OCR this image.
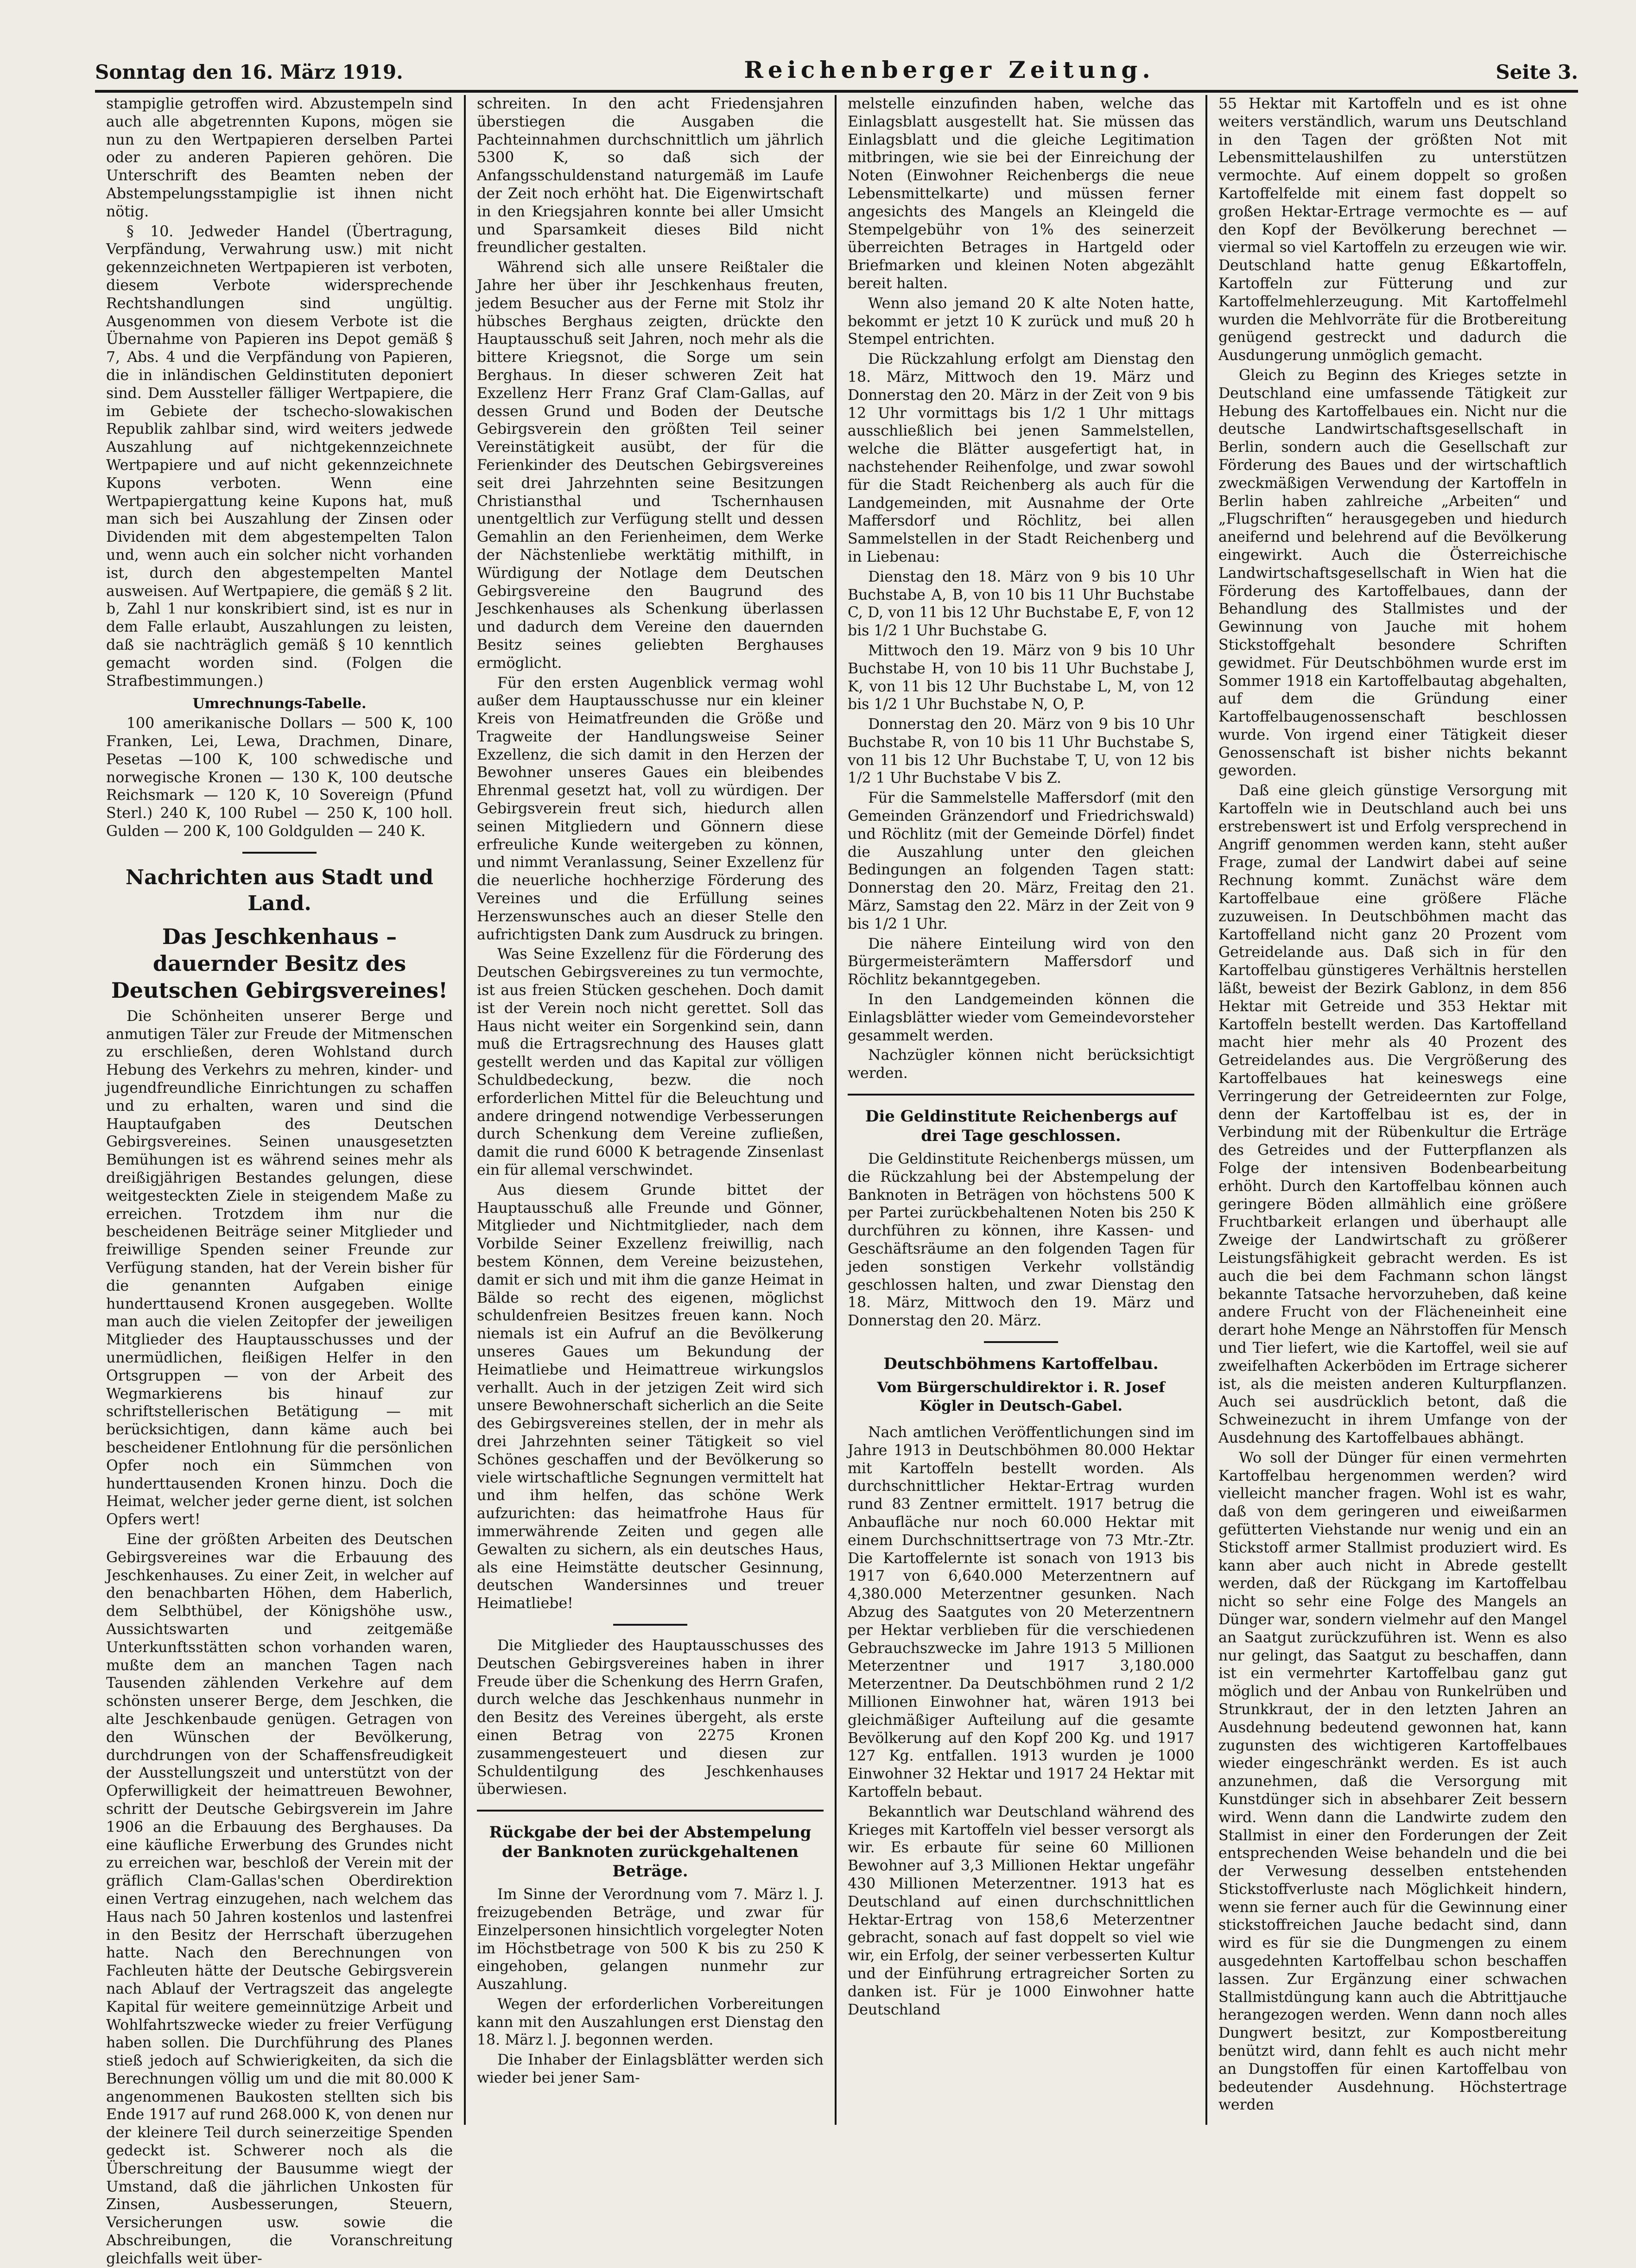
Sonntag den 16. März 1919.	Reichenberger Zeitung.	Seite 3.

stampiglie getroffen wird. Abzustempeln sind auch alle abgetrennten Kupons, mögen sie nun zu den Wertpapieren derselben Partei oder zu anderen Papieren gehören. Die Unterschrift des Beamten neben der Abstempelungsstampiglie ist ihnen nicht nötig.

§ 10. Jedweder Handel (Übertragung, Verpfändung, Verwahrung usw.) mit nicht gekennzeichneten Wertpapieren ist verboten, diesem Verbote widersprechende Rechtshandlungen sind ungültig. Ausgenommen von diesem Verbote ist die Übernahme von Papieren ins Depot gemäß § 7, Abs. 4 und die Verpfändung von Papieren, die in inländischen Geldinstituten deponiert sind. Dem Aussteller fälliger Wertpapiere, die im Gebiete der tschecho-slowakischen Republik zahlbar sind, wird weiters jedwede Auszahlung auf nichtgekennzeichnete Wertpapiere und auf nicht gekennzeichnete Kupons verboten. Wenn eine Wertpapiergattung keine Kupons hat, muß man sich bei Auszahlung der Zinsen oder Dividenden mit dem abgestempelten Talon und, wenn auch ein solcher nicht vorhanden ist, durch den abgestempelten Mantel ausweisen. Auf Wertpapiere, die gemäß § 2 lit. b, Zahl 1 nur konskribiert sind, ist es nur in dem Falle erlaubt, Auszahlungen zu leisten, daß sie nachträglich gemäß § 10 kenntlich gemacht worden sind. (Folgen die Strafbestimmungen.)

Umrechnungs-Tabelle.

100 amerikanische Dollars — 500 K, 100 Franken, Lei, Lewa, Drachmen, Dinare, Pesetas —100 K, 100 schwedische und norwegische Kronen — 130 K, 100 deutsche Reichsmark — 120 K, 10 Sovereign (Pfund Sterl.) 240 K, 100 Rubel — 250 K, 100 holl. Gulden — 200 K, 100 Goldgulden — 240 K.

Nachrichten aus Stadt und Land.
Das Jeschkenhaus – dauernder Besitz des Deutschen Gebirgsvereines!

Die Schönheiten unserer Berge und anmutigen Täler zur Freude der Mitmenschen zu erschließen, deren Wohlstand durch Hebung des Verkehrs zu mehren, kinder- und jugendfreundliche Einrichtungen zu schaffen und zu erhalten, waren und sind die Hauptaufgaben des Deutschen Gebirgsvereines. Seinen unausgesetzten Bemühungen ist es während seines mehr als dreißigjährigen Bestandes gelungen, diese weitgesteckten Ziele in steigendem Maße zu erreichen. Trotzdem ihm nur die bescheidenen Beiträge seiner Mitglieder und freiwillige Spenden seiner Freunde zur Verfügung standen, hat der Verein bisher für die genannten Aufgaben einige hunderttausend Kronen ausgegeben. Wollte man auch die vielen Zeitopfer der jeweiligen Mitglieder des Hauptausschusses und der unermüdlichen, fleißigen Helfer in den Ortsgruppen — von der Arbeit des Wegmarkierens bis hinauf zur schriftstellerischen Betätigung — mit berücksichtigen, dann käme auch bei bescheidener Entlohnung für die persönlichen Opfer noch ein Sümmchen von hunderttausenden Kronen hinzu. Doch die Heimat, welcher jeder gerne dient, ist solchen Opfers wert!

Eine der größten Arbeiten des Deutschen Gebirgsvereines war die Erbauung des Jeschkenhauses. Zu einer Zeit, in welcher auf den benachbarten Höhen, dem Haberlich, dem Selbthübel, der Königshöhe usw., Aussichtswarten und zeitgemäße Unterkunftsstätten schon vorhanden waren, mußte dem an manchen Tagen nach Tausenden zählenden Verkehre auf dem schönsten unserer Berge, dem Jeschken, die alte Jeschkenbaude genügen. Getragen von den Wünschen der Bevölkerung, durchdrungen von der Schaffensfreudigkeit der Ausstellungszeit und unterstützt von der Opferwilligkeit der heimattreuen Bewohner, schritt der Deutsche Gebirgsverein im Jahre 1906 an die Erbauung des Berghauses. Da eine käufliche Erwerbung des Grundes nicht zu erreichen war, beschloß der Verein mit der gräflich Clam-Gallas'schen Oberdirektion einen Vertrag einzugehen, nach welchem das Haus nach 50 Jahren kostenlos und lastenfrei in den Besitz der Herrschaft überzugehen hatte. Nach den Berechnungen von Fachleuten hätte der Deutsche Gebirgsverein nach Ablauf der Vertragszeit das angelegte Kapital für weitere gemeinnützige Arbeit und Wohlfahrtszwecke wieder zu freier Verfügung haben sollen. Die Durchführung des Planes stieß jedoch auf Schwierigkeiten, da sich die Berechnungen völlig um und die mit 80.000 K angenommenen Baukosten stellten sich bis Ende 1917 auf rund 268.000 K, von denen nur der kleinere Teil durch seinerzeitige Spenden gedeckt ist. Schwerer noch als die Überschreitung der Bausumme wiegt der Umstand, daß die jährlichen Unkosten für Zinsen, Ausbesserungen, Steuern, Versicherungen usw. sowie die Abschreibungen, die Voranschreitung gleichfalls weit über-

schreiten. In den acht Friedensjahren überstiegen die Ausgaben die Pachteinnahmen durchschnittlich um jährlich 5300 K, so daß sich der Anfangsschuldenstand naturgemäß im Laufe der Zeit noch erhöht hat. Die Eigenwirtschaft in den Kriegsjahren konnte bei aller Umsicht und Sparsamkeit dieses Bild nicht freundlicher gestalten.

Während sich alle unsere Reißtaler die Jahre her über ihr Jeschkenhaus freuten, jedem Besucher aus der Ferne mit Stolz ihr hübsches Berghaus zeigten, drückte den Hauptausschuß seit Jahren, noch mehr als die bittere Kriegsnot, die Sorge um sein Berghaus. In dieser schweren Zeit hat Exzellenz Herr Franz Graf Clam-Gallas, auf dessen Grund und Boden der Deutsche Gebirgsverein den größten Teil seiner Vereinstätigkeit ausübt, der für die Ferienkinder des Deutschen Gebirgsvereines seit drei Jahrzehnten seine Besitzungen Christiansthal und Tschernhausen unentgeltlich zur Verfügung stellt und dessen Gemahlin an den Ferienheimen, dem Werke der Nächstenliebe werktätig mithilft, in Würdigung der Notlage dem Deutschen Gebirgsvereine den Baugrund des Jeschkenhauses als Schenkung überlassen und dadurch dem Vereine den dauernden Besitz seines geliebten Berghauses ermöglicht.

Für den ersten Augenblick vermag wohl außer dem Hauptausschusse nur ein kleiner Kreis von Heimatfreunden die Größe und Tragweite der Handlungsweise Seiner Exzellenz, die sich damit in den Herzen der Bewohner unseres Gaues ein bleibendes Ehrenmal gesetzt hat, voll zu würdigen. Der Gebirgsverein freut sich, hiedurch allen seinen Mitgliedern und Gönnern diese erfreuliche Kunde weitergeben zu können, und nimmt Veranlassung, Seiner Exzellenz für die neuerliche hochherzige Förderung des Vereines und die Erfüllung seines Herzenswunsches auch an dieser Stelle den aufrichtigsten Dank zum Ausdruck zu bringen.

Was Seine Exzellenz für die Förderung des Deutschen Gebirgsvereines zu tun vermochte, ist aus freien Stücken geschehen. Doch damit ist der Verein noch nicht gerettet. Soll das Haus nicht weiter ein Sorgenkind sein, dann muß die Ertragsrechnung des Hauses glatt gestellt werden und das Kapital zur völligen Schuldbedeckung, bezw. die noch erforderlichen Mittel für die Beleuchtung und andere dringend notwendige Verbesserungen durch Schenkung dem Vereine zufließen, damit die rund 6000 K betragende Zinsenlast ein für allemal verschwindet.

Aus diesem Grunde bittet der Hauptausschuß alle Freunde und Gönner, Mitglieder und Nichtmitglieder, nach dem Vorbilde Seiner Exzellenz freiwillig, nach bestem Können, dem Vereine beizustehen, damit er sich und mit ihm die ganze Heimat in Bälde so recht des eigenen, möglichst schuldenfreien Besitzes freuen kann. Noch niemals ist ein Aufruf an die Bevölkerung unseres Gaues um Bekundung der Heimatliebe und Heimattreue wirkungslos verhallt. Auch in der jetzigen Zeit wird sich unsere Bewohnerschaft sicherlich an die Seite des Gebirgsvereines stellen, der in mehr als drei Jahrzehnten seiner Tätigkeit so viel Schönes geschaffen und der Bevölkerung so viele wirtschaftliche Segnungen vermittelt hat und ihm helfen, das schöne Werk aufzurichten: das heimatfrohe Haus für immerwährende Zeiten und gegen alle Gewalten zu sichern, als ein deutsches Haus, als eine Heimstätte deutscher Gesinnung, deutschen Wandersinnes und treuer Heimatliebe!

Die Mitglieder des Hauptausschusses des Deutschen Gebirgsvereines haben in ihrer Freude über die Schenkung des Herrn Grafen, durch welche das Jeschkenhaus nunmehr in den Besitz des Vereines übergeht, als erste einen Betrag von 2275 Kronen zusammengesteuert und diesen zur Schuldentilgung des Jeschkenhauses überwiesen.

Rückgabe der bei der Abstempelung der Banknoten zurückgehaltenen Beträge.

Im Sinne der Verordnung vom 7. März l. J. freizugebenden Beträge, und zwar für Einzelpersonen hinsichtlich vorgelegter Noten im Höchstbetrage von 500 K bis zu 250 K eingehoben, gelangen nunmehr zur Auszahlung.

Wegen der erforderlichen Vorbereitungen kann mit den Auszahlungen erst Dienstag den 18. März l. J. begonnen werden.

Die Inhaber der Einlagsblätter werden sich wieder bei jener Sam-

melstelle einzufinden haben, welche das Einlagsblatt ausgestellt hat. Sie müssen das Einlagsblatt und die gleiche Legitimation mitbringen, wie sie bei der Einreichung der Noten (Einwohner Reichenbergs die neue Lebensmittelkarte) und müssen ferner angesichts des Mangels an Kleingeld die Stempelgebühr von 1% des seinerzeit überreichten Betrages in Hartgeld oder Briefmarken und kleinen Noten abgezählt bereit halten.

Wenn also jemand 20 K alte Noten hatte, bekommt er jetzt 10 K zurück und muß 20 h Stempel entrichten.

Die Rückzahlung erfolgt am Dienstag den 18. März, Mittwoch den 19. März und Donnerstag den 20. März in der Zeit von 9 bis 12 Uhr vormittags bis 1/2 1 Uhr mittags ausschließlich bei jenen Sammelstellen, welche die Blätter ausgefertigt hat, in nachstehender Reihenfolge, und zwar sowohl für die Stadt Reichenberg als auch für die Landgemeinden, mit Ausnahme der Orte Maffersdorf und Röchlitz, bei allen Sammelstellen in der Stadt Reichenberg und in Liebenau:

Dienstag den 18. März von 9 bis 10 Uhr Buchstabe A, B, von 10 bis 11 Uhr Buchstabe C, D, von 11 bis 12 Uhr Buchstabe E, F, von 12 bis 1/2 1 Uhr Buchstabe G.

Mittwoch den 19. März von 9 bis 10 Uhr Buchstabe H, von 10 bis 11 Uhr Buchstabe J, K, von 11 bis 12 Uhr Buchstabe L, M, von 12 bis 1/2 1 Uhr Buchstabe N, O, P.

Donnerstag den 20. März von 9 bis 10 Uhr Buchstabe R, von 10 bis 11 Uhr Buchstabe S, von 11 bis 12 Uhr Buchstabe T, U, von 12 bis 1/2 1 Uhr Buchstabe V bis Z.

Für die Sammelstelle Maffersdorf (mit den Gemeinden Gränzendorf und Friedrichswald) und Röchlitz (mit der Gemeinde Dörfel) findet die Auszahlung unter den gleichen Bedingungen an folgenden Tagen statt: Donnerstag den 20. März, Freitag den 21. März, Samstag den 22. März in der Zeit von 9 bis 1/2 1 Uhr.

Die nähere Einteilung wird von den Bürgermeisterämtern Maffersdorf und Röchlitz bekanntgegeben.

In den Landgemeinden können die Einlagsblätter wieder vom Gemeindevorsteher gesammelt werden.

Nachzügler können nicht berücksichtigt werden.

Die Geldinstitute Reichenbergs auf drei Tage geschlossen.

Die Geldinstitute Reichenbergs müssen, um die Rückzahlung bei der Abstempelung der Banknoten in Beträgen von höchstens 500 K per Partei zurückbehaltenen Noten bis 250 K durchführen zu können, ihre Kassen- und Geschäftsräume an den folgenden Tagen für jeden sonstigen Verkehr vollständig geschlossen halten, und zwar Dienstag den 18. März, Mittwoch den 19. März und Donnerstag den 20. März.

Deutschböhmens Kartoffelbau.
Vom Bürgerschuldirektor i. R. Josef Kögler in Deutsch-Gabel.

Nach amtlichen Veröffentlichungen sind im Jahre 1913 in Deutschböhmen 80.000 Hektar mit Kartoffeln bestellt worden. Als durchschnittlicher Hektar-Ertrag wurden rund 83 Zentner ermittelt. 1917 betrug die Anbaufläche nur noch 60.000 Hektar mit einem Durchschnittsertrage von 73 Mtr.-Ztr. Die Kartoffelernte ist sonach von 1913 bis 1917 von 6,640.000 Meterzentnern auf 4,380.000 Meterzentner gesunken. Nach Abzug des Saatgutes von 20 Meterzentnern per Hektar verblieben für die verschiedenen Gebrauchszwecke im Jahre 1913 5 Millionen Meterzentner und 1917 3,180.000 Meterzentner. Da Deutschböhmen rund 2 1/2 Millionen Einwohner hat, wären 1913 bei gleichmäßiger Aufteilung auf die gesamte Bevölkerung auf den Kopf 200 Kg. und 1917 127 Kg. entfallen. 1913 wurden je 1000 Einwohner 32 Hektar und 1917 24 Hektar mit Kartoffeln bebaut.

Bekanntlich war Deutschland während des Krieges mit Kartoffeln viel besser versorgt als wir. Es erbaute für seine 60 Millionen Bewohner auf 3,3 Millionen Hektar ungefähr 430 Millionen Meterzentner. 1913 hat es Deutschland auf einen durchschnittlichen Hektar-Ertrag von 158,6 Meterzentner gebracht, sonach auf fast doppelt so viel wie wir, ein Erfolg, der seiner verbesserten Kultur und der Einführung ertragreicher Sorten zu danken ist. Für je 1000 Einwohner hatte Deutschland

55 Hektar mit Kartoffeln und es ist ohne weiters verständlich, warum uns Deutschland in den Tagen der größten Not mit Lebensmittelaushilfen zu unterstützen vermochte. Auf einem doppelt so großen Kartoffelfelde mit einem fast doppelt so großen Hektar-Ertrage vermochte es — auf den Kopf der Bevölkerung berechnet — viermal so viel Kartoffeln zu erzeugen wie wir. Deutschland hatte genug Eßkartoffeln, Kartoffeln zur Fütterung und zur Kartoffelmehlerzeugung. Mit Kartoffelmehl wurden die Mehlvorräte für die Brotbereitung genügend gestreckt und dadurch die Ausdungerung unmöglich gemacht.

Gleich zu Beginn des Krieges setzte in Deutschland eine umfassende Tätigkeit zur Hebung des Kartoffelbaues ein. Nicht nur die deutsche Landwirtschaftsgesellschaft in Berlin, sondern auch die Gesellschaft zur Förderung des Baues und der wirtschaftlich zweckmäßigen Verwendung der Kartoffeln in Berlin haben zahlreiche „Arbeiten“ und „Flugschriften“ herausgegeben und hiedurch aneifernd und belehrend auf die Bevölkerung eingewirkt. Auch die Österreichische Landwirtschaftsgesellschaft in Wien hat die Förderung des Kartoffelbaues, dann der Behandlung des Stallmistes und der Gewinnung von Jauche mit hohem Stickstoffgehalt besondere Schriften gewidmet. Für Deutschböhmen wurde erst im Sommer 1918 ein Kartoffelbautag abgehalten, auf dem die Gründung einer Kartoffelbaugenossenschaft beschlossen wurde. Von irgend einer Tätigkeit dieser Genossenschaft ist bisher nichts bekannt geworden.

Daß eine gleich günstige Versorgung mit Kartoffeln wie in Deutschland auch bei uns erstrebenswert ist und Erfolg versprechend in Angriff genommen werden kann, steht außer Frage, zumal der Landwirt dabei auf seine Rechnung kommt. Zunächst wäre dem Kartoffelbaue eine größere Fläche zuzuweisen. In Deutschböhmen macht das Kartoffelland nicht ganz 20 Prozent vom Getreidelande aus. Daß sich in für den Kartoffelbau günstigeres Verhältnis herstellen läßt, beweist der Bezirk Gablonz, in dem 856 Hektar mit Getreide und 353 Hektar mit Kartoffeln bestellt werden. Das Kartoffelland macht hier mehr als 40 Prozent des Getreidelandes aus. Die Vergrößerung des Kartoffelbaues hat keineswegs eine Verringerung der Getreideernten zur Folge, denn der Kartoffelbau ist es, der in Verbindung mit der Rübenkultur die Erträge des Getreides und der Futterpflanzen als Folge der intensiven Bodenbearbeitung erhöht. Durch den Kartoffelbau können auch geringere Böden allmählich eine größere Fruchtbarkeit erlangen und überhaupt alle Zweige der Landwirtschaft zu größerer Leistungsfähigkeit gebracht werden. Es ist auch die bei dem Fachmann schon längst bekannte Tatsache hervorzuheben, daß keine andere Frucht von der Flächeneinheit eine derart hohe Menge an Nährstoffen für Mensch und Tier liefert, wie die Kartoffel, weil sie auf zweifelhaften Ackerböden im Ertrage sicherer ist, als die meisten anderen Kulturpflanzen. Auch sei ausdrücklich betont, daß die Schweinezucht in ihrem Umfange von der Ausdehnung des Kartoffelbaues abhängt.

Wo soll der Dünger für einen vermehrten Kartoffelbau hergenommen werden? wird vielleicht mancher fragen. Wohl ist es wahr, daß von dem geringeren und eiweißarmen gefütterten Viehstande nur wenig und ein an Stickstoff armer Stallmist produziert wird. Es kann aber auch nicht in Abrede gestellt werden, daß der Rückgang im Kartoffelbau nicht so sehr eine Folge des Mangels an Dünger war, sondern vielmehr auf den Mangel an Saatgut zurückzuführen ist. Wenn es also nur gelingt, das Saatgut zu beschaffen, dann ist ein vermehrter Kartoffelbau ganz gut möglich und der Anbau von Runkelrüben und Strunkkraut, der in den letzten Jahren an Ausdehnung bedeutend gewonnen hat, kann zugunsten des wichtigeren Kartoffelbaues wieder eingeschränkt werden. Es ist auch anzunehmen, daß die Versorgung mit Kunstdünger sich in absehbarer Zeit bessern wird. Wenn dann die Landwirte zudem den Stallmist in einer den Forderungen der Zeit entsprechenden Weise behandeln und die bei der Verwesung desselben entstehenden Stickstoffverluste nach Möglichkeit hindern, wenn sie ferner auch für die Gewinnung einer stickstoffreichen Jauche bedacht sind, dann wird es für sie die Dungmengen zu einem ausgedehnten Kartoffelbau schon beschaffen lassen. Zur Ergänzung einer schwachen Stallmistdüngung kann auch die Abtrittjauche herangezogen werden. Wenn dann noch alles Dungwert besitzt, zur Kompostbereitung benützt wird, dann fehlt es auch nicht mehr an Dungstoffen für einen Kartoffelbau von bedeutender Ausdehnung. Höchstertrage werden
